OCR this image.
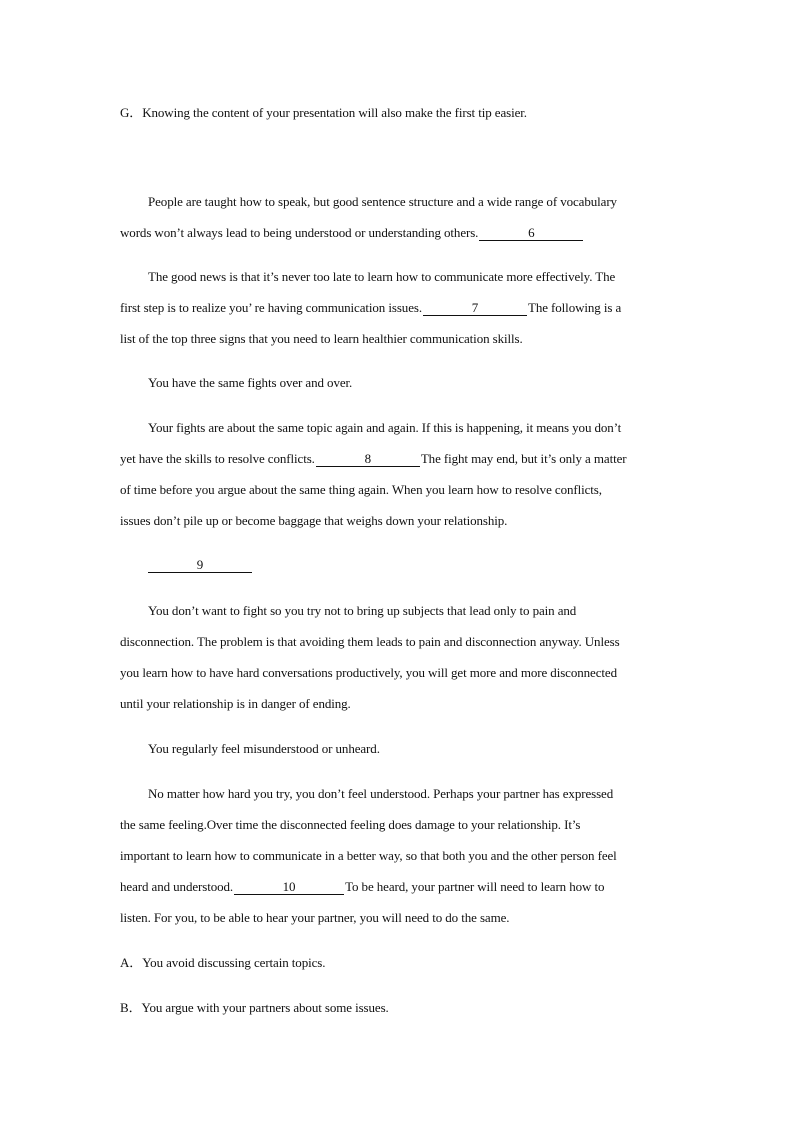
G．Knowing the content of your presentation will also make the first tip easier.
People are taught how to speak, but good sentence structure and a wide range of vocabulary
words won’t always lead to being understood or understanding others.	6
The good news is that it’s never too late to learn how to communicate more effectively. The
first step is to realize you’ re having communication issues.	7	The following is a
list of the top three signs that you need to learn healthier communication skills.
You have the same fights over and over.
Your fights are about the same topic again and again. If this is happening, it means you don’t
yet have the skills to resolve conflicts.	8	The fight may end, but it’s only a matter
of time before you argue about the same thing again. When you learn how to resolve conflicts,
issues don’t pile up or become baggage that weighs down your relationship.
9
You don’t want to fight so you try not to bring up subjects that lead only to pain and
disconnection. The problem is that avoiding them leads to pain and disconnection anyway. Unless
you learn how to have hard conversations productively, you will get more and more disconnected
until your relationship is in danger of ending.
You regularly feel misunderstood or unheard.
No matter how hard you try, you don’t feel understood. Perhaps your partner has expressed
the same feeling.Over time the disconnected feeling does damage to your relationship. It’s
important to learn how to communicate in a better way, so that both you and the other person feel
heard and understood.	10	To be heard, your partner will need to learn how to
listen. For you, to be able to hear your partner, you will need to do the same.
A．You avoid discussing certain topics.
B．You argue with your partners about some issues.
